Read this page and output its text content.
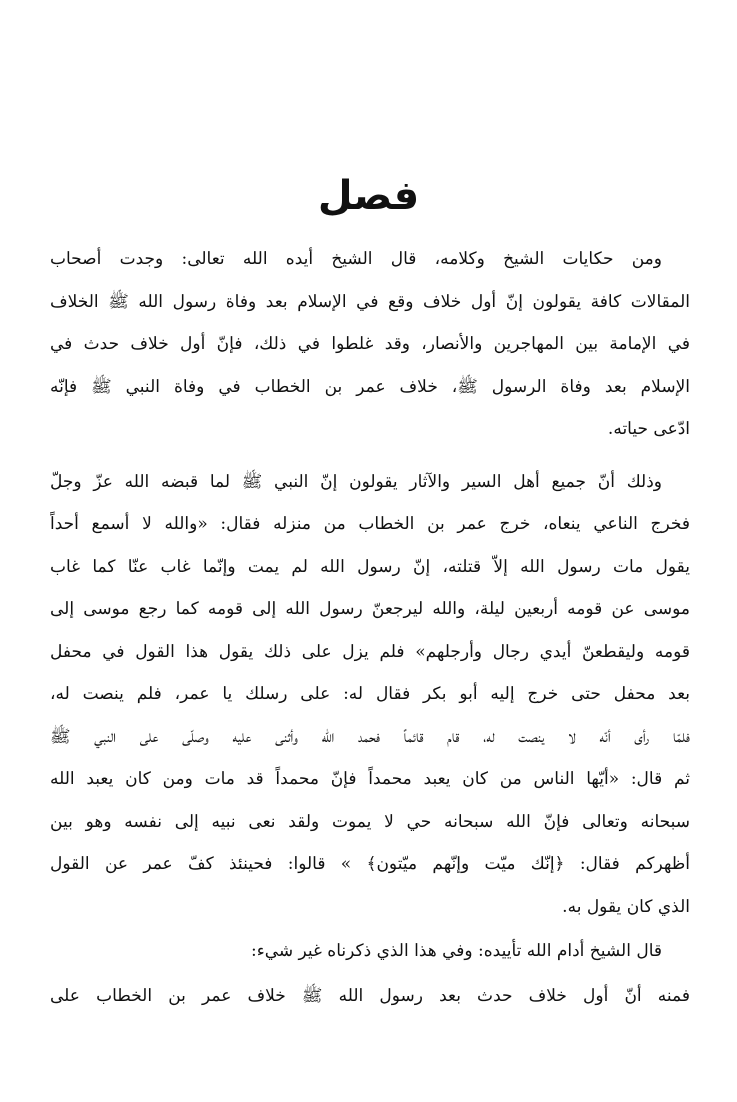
فصل
ومن حكايات الشيخ وكلامه، قال الشيخ أيده الله تعالى: وجدت أصحاب
المقالات كافة يقولون إنّ أول خلاف وقع في الإسلام بعد وفاة رسول الله ﷺ الخلاف
في الإمامة بين المهاجرين والأنصار، وقد غلطوا في ذلك، فإنّ أول خلاف حدث في
الإسلام بعد وفاة الرسول ﷺ، خلاف عمر بن الخطاب في وفاة النبي ﷺ فإنّه
ادّعى حياته.
وذلك أنّ جميع أهل السير والآثار يقولون إنّ النبي ﷺ لما قبضه الله عزّ وجلّ
فخرج الناعي ينعاه، خرج عمر بن الخطاب من منزله فقال: «والله لا أسمع أحداً
يقول مات رسول الله إلاّ قتلته، إنّ رسول الله لم يمت وإنّما غاب عنّا كما غاب
موسى عن قومه أربعين ليلة، والله ليرجعنّ رسول الله إلى قومه كما رجع موسى إلى
قومه وليقطعنّ أيدي رجال وأرجلهم» فلم يزل على ذلك يقول هذا القول في محفل
بعد محفل حتى خرج إليه أبو بكر فقال له: على رسلك يا عمر، فلم ينصت له،
فلمّا رأى أنّه لا ينصت له، قام قائماً فحمد الله وأثنى عليه وصلّى على النبي ﷺ
ثم قال: «أيّها الناس من كان يعبد محمداً فإنّ محمداً قد مات ومن كان يعبد الله
سبحانه وتعالى فإنّ الله سبحانه حي لا يموت ولقد نعى نبيه إلى نفسه وهو بين
أظهركم فقال: ﴿إنّك ميّت وإنّهم ميّتون﴾ » قالوا: فحينئذ كفّ عمر عن القول
الذي كان يقول به.
قال الشيخ أدام الله تأييده: وفي هذا الذي ذكرناه غير شيء:
فمنه أنّ أول خلاف حدث بعد رسول الله ﷺ خلاف عمر بن الخطاب على
